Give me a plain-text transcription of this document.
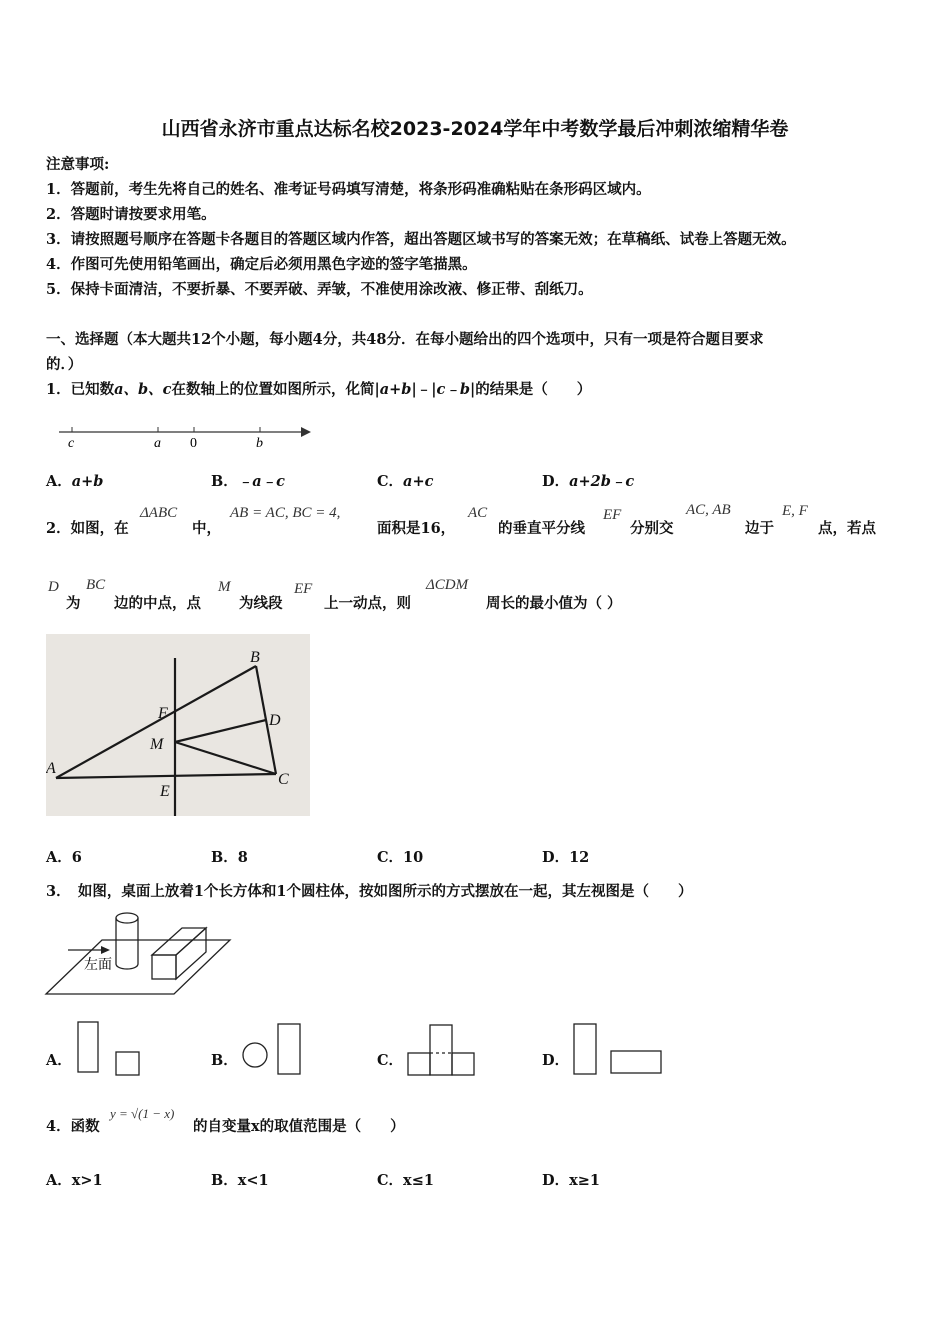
山西省永济市重点达标名校2023-2024学年中考数学最后冲刺浓缩精华卷
注意事项:
1．答题前，考生先将自己的姓名、准考证号码填写清楚，将条形码准确粘贴在条形码区域内。
2．答题时请按要求用笔。
3．请按照题号顺序在答题卡各题目的答题区域内作答，超出答题区域书写的答案无效；在草稿纸、试卷上答题无效。
4．作图可先使用铅笔画出，确定后必须用黑色字迹的签字笔描黑。
5．保持卡面清洁，不要折暴、不要弄破、弄皱，不准使用涂改液、修正带、刮纸刀。
一、选择题（本大题共12个小题，每小题4分，共48分．在每小题给出的四个选项中，只有一项是符合题目要求
的．）
1．已知数a、b、c在数轴上的位置如图所示，化简|a+b|﹣|c﹣b|的结果是（　　）
c	a 0	b
A．a+b	B．﹣a﹣c	C．a+c	D．a+2b﹣c
2．如图，在
ΔABC
中，
AB = AC, BC = 4,
面积是16，
AC
的垂直平分线
EF
分别交
AC, AB
边于
E, F
点，若点
D
为
BC
边的中点，点
M
为线段
EF
上一动点，则
ΔCDM
周长的最小值为（ ）
B
F	D
M
A
C
E
A．6	B．8	C．10	D．12
3．　如图，桌面上放着1个长方体和1个圆柱体，按如图所示的方式摆放在一起，其左视图是（　　）
左面
A．	B．	C．	D．
4．函数
y = √(1 − x)
的自变量x的取值范围是（　　）
A．x>1	B．x<1	C．x≤1	D．x≥1
